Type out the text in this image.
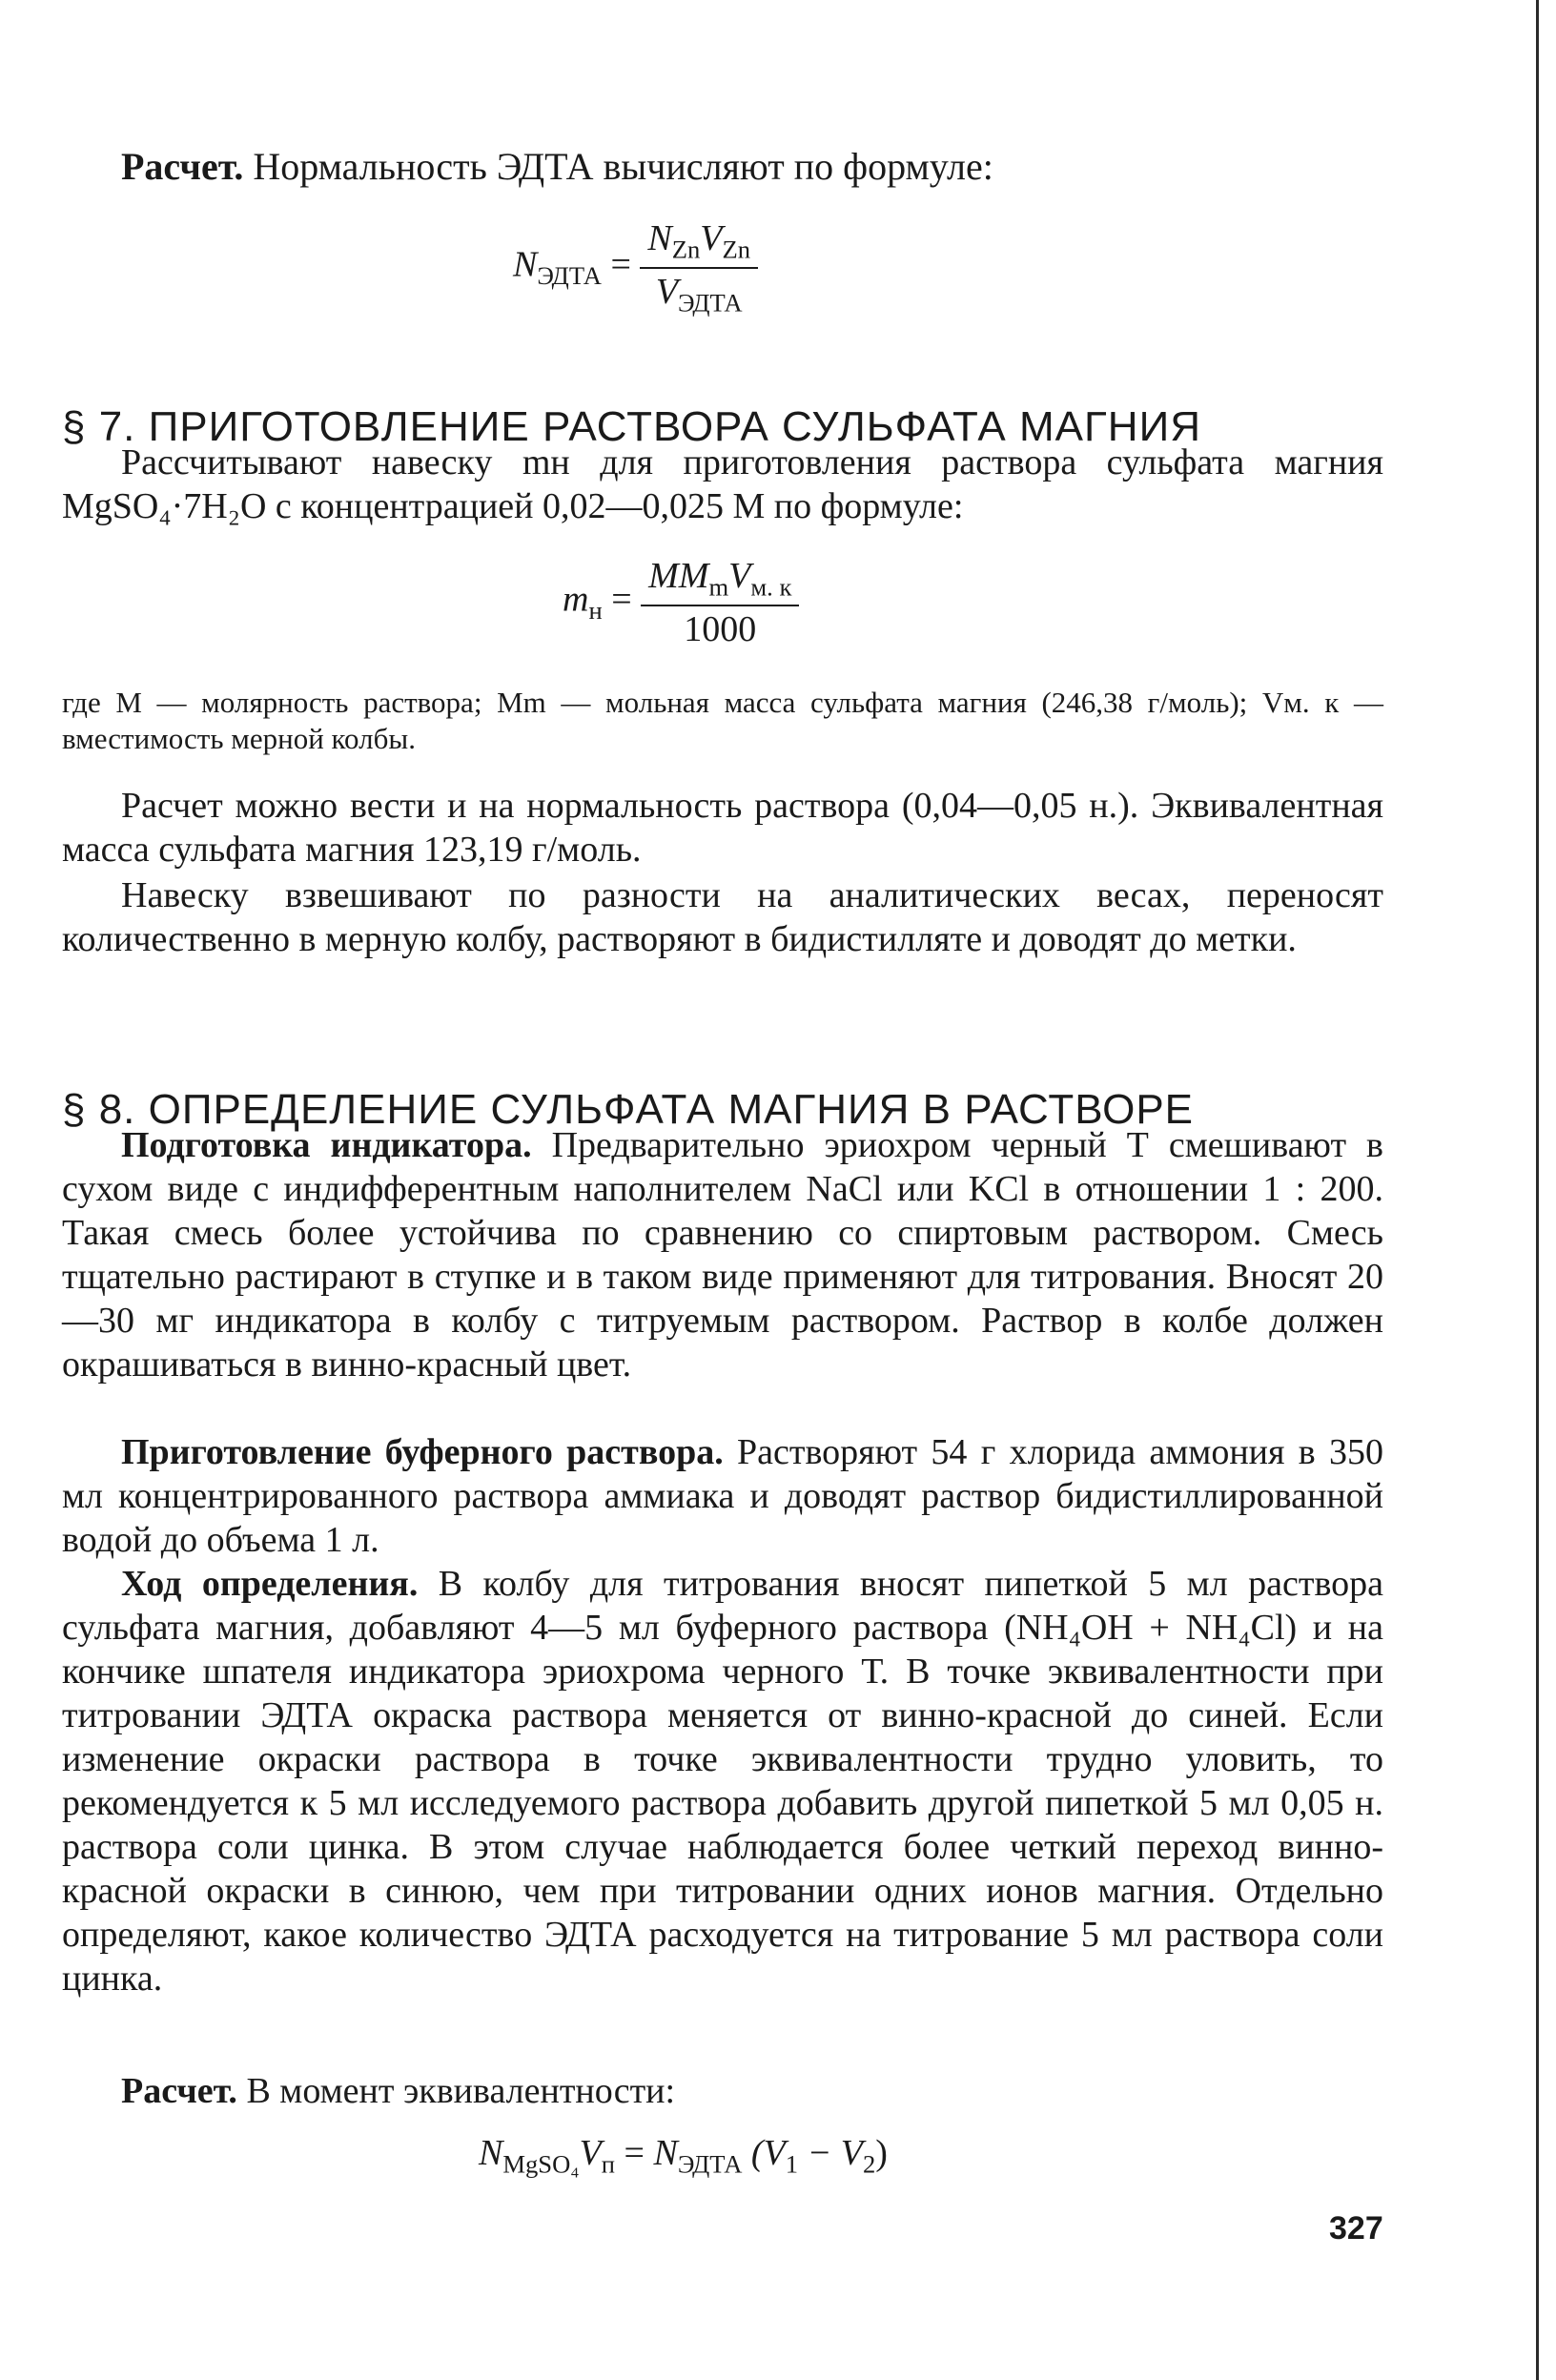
Расчет. Нормальность ЭДТА вычисляют по формуле:

$N_{ЭДТА} = \frac{N_{Zn}V_{Zn}}{V_{ЭДТА}}$

§ 7. ПРИГОТОВЛЕНИЕ РАСТВОРА СУЛЬФАТА МАГНИЯ

Рассчитывают навеску mн для приготовления раствора сульфата магния MgSO₄·7H₂O с концентрацией 0,02—0,025 M по формуле:

$m_н = \frac{MM_mV_{м. к}}{1000}$

где M — молярность раствора; Mm — мольная масса сульфата магния (246,38 г/моль); Vм. к — вместимость мерной колбы.

Расчет можно вести и на нормальность раствора (0,04—0,05 н.). Эквивалентная масса сульфата магния 123,19 г/моль.

Навеску взвешивают по разности на аналитических весах, переносят количественно в мерную колбу, растворяют в бидистилляте и доводят до метки.

§ 8. ОПРЕДЕЛЕНИЕ СУЛЬФАТА МАГНИЯ В РАСТВОРЕ

Подготовка индикатора. Предварительно эриохром черный Т смешивают в сухом виде с индифферентным наполнителем NaCl или KCl в отношении 1 : 200. Такая смесь более устойчива по сравнению со спиртовым раствором. Смесь тщательно растирают в ступке и в таком виде применяют для титрования. Вносят 20—30 мг индикатора в колбу с титруемым раствором. Раствор в колбе должен окрашиваться в винно-красный цвет.

Приготовление буферного раствора. Растворяют 54 г хлорида аммония в 350 мл концентрированного раствора аммиака и доводят раствор бидистиллированной водой до объема 1 л.

Ход определения. В колбу для титрования вносят пипеткой 5 мл раствора сульфата магния, добавляют 4—5 мл буферного раствора (NH₄OH + NH₄Cl) и на кончике шпателя индикатора эриохрома черного Т. В точке эквивалентности при титровании ЭДТА окраска раствора меняется от винно-красной до синей. Если изменение окраски раствора в точке эквивалентности трудно уловить, то рекомендуется к 5 мл исследуемого раствора добавить другой пипеткой 5 мл 0,05 н. раствора соли цинка. В этом случае наблюдается более четкий переход винно-красной окраски в синюю, чем при титровании одних ионов магния. Отдельно определяют, какое количество ЭДТА расходуется на титрование 5 мл раствора соли цинка.

Расчет. В момент эквивалентности:

$N_{MgSO_4}V_п = N_{ЭДТА}$ $(V_1 - V_2)$
327
